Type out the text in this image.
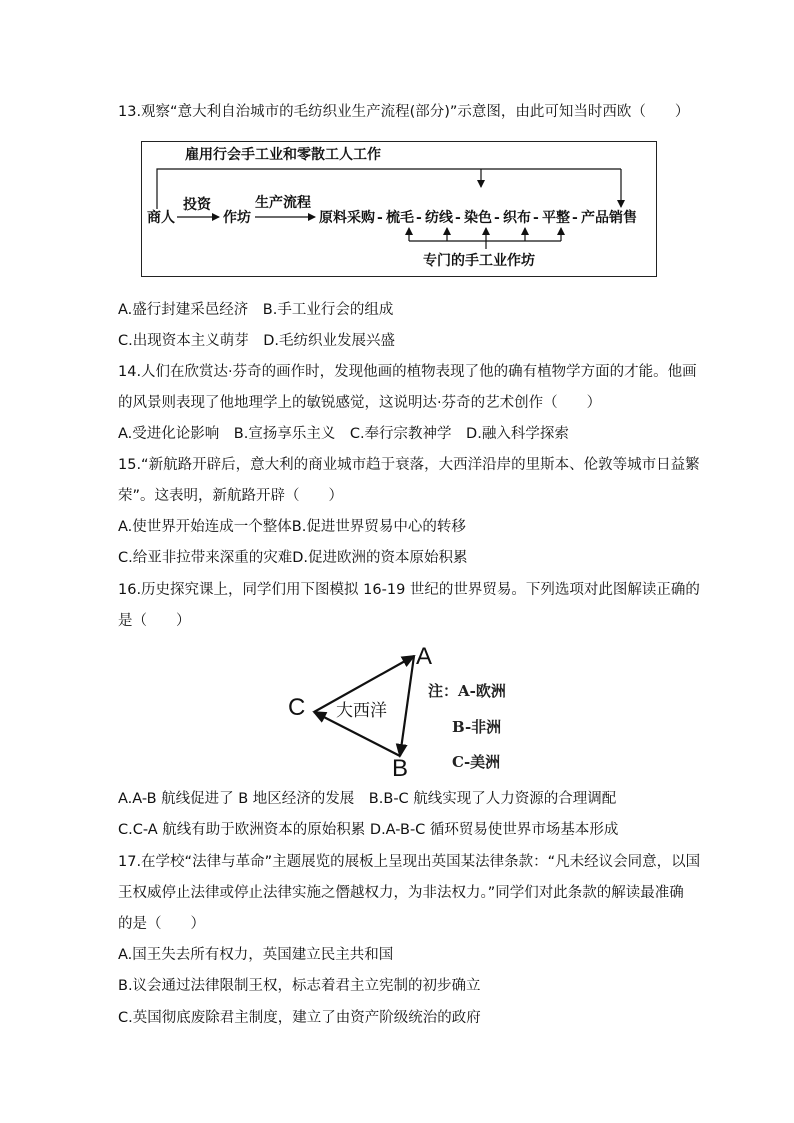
13.观察“意大利自治城市的毛纺织业生产流程(部分)”示意图，由此可知当时西欧（　　）
雇用行会手工业和零散工人工作
商人
投资
作坊
生产流程
原料采购 - 梳毛 - 纺线 - 染色 - 织布 - 平整 - 产品销售
专门的手工业作坊
A.盛行封建采邑经济　B.手工业行会的组成
C.出现资本主义萌芽　D.毛纺织业发展兴盛
14.人们在欣赏达·芬奇的画作时，发现他画的植物表现了他的确有植物学方面的才能。他画
的风景则表现了他地理学上的敏锐感觉，这说明达·芬奇的艺术创作（　　）
A.受进化论影响　B.宣扬享乐主义　C.奉行宗教神学　D.融入科学探索
15.“新航路开辟后，意大利的商业城市趋于衰落，大西洋沿岸的里斯本、伦敦等城市日益繁
荣”。这表明，新航路开辟（　　）
A.使世界开始连成一个整体B.促进世界贸易中心的转移
C.给亚非拉带来深重的灾难D.促进欧洲的资本原始积累
16.历史探究课上，同学们用下图模拟 16-19 世纪的世界贸易。下列选项对此图解读正确的
是（　　）
A
B
C 大西洋
注：A-欧洲
B-非洲
C-美洲
A.A-B 航线促进了 B 地区经济的发展　B.B-C 航线实现了人力资源的合理调配
C.C-A 航线有助于欧洲资本的原始积累 D.A-B-C 循环贸易使世界市场基本形成
17.在学校“法律与革命”主题展览的展板上呈现出英国某法律条款：“凡未经议会同意，以国
王权威停止法律或停止法律实施之僭越权力，为非法权力。”同学们对此条款的解读最准确
的是（　　）
A.国王失去所有权力，英国建立民主共和国
B.议会通过法律限制王权，标志着君主立宪制的初步确立
C.英国彻底废除君主制度，建立了由资产阶级统治的政府
